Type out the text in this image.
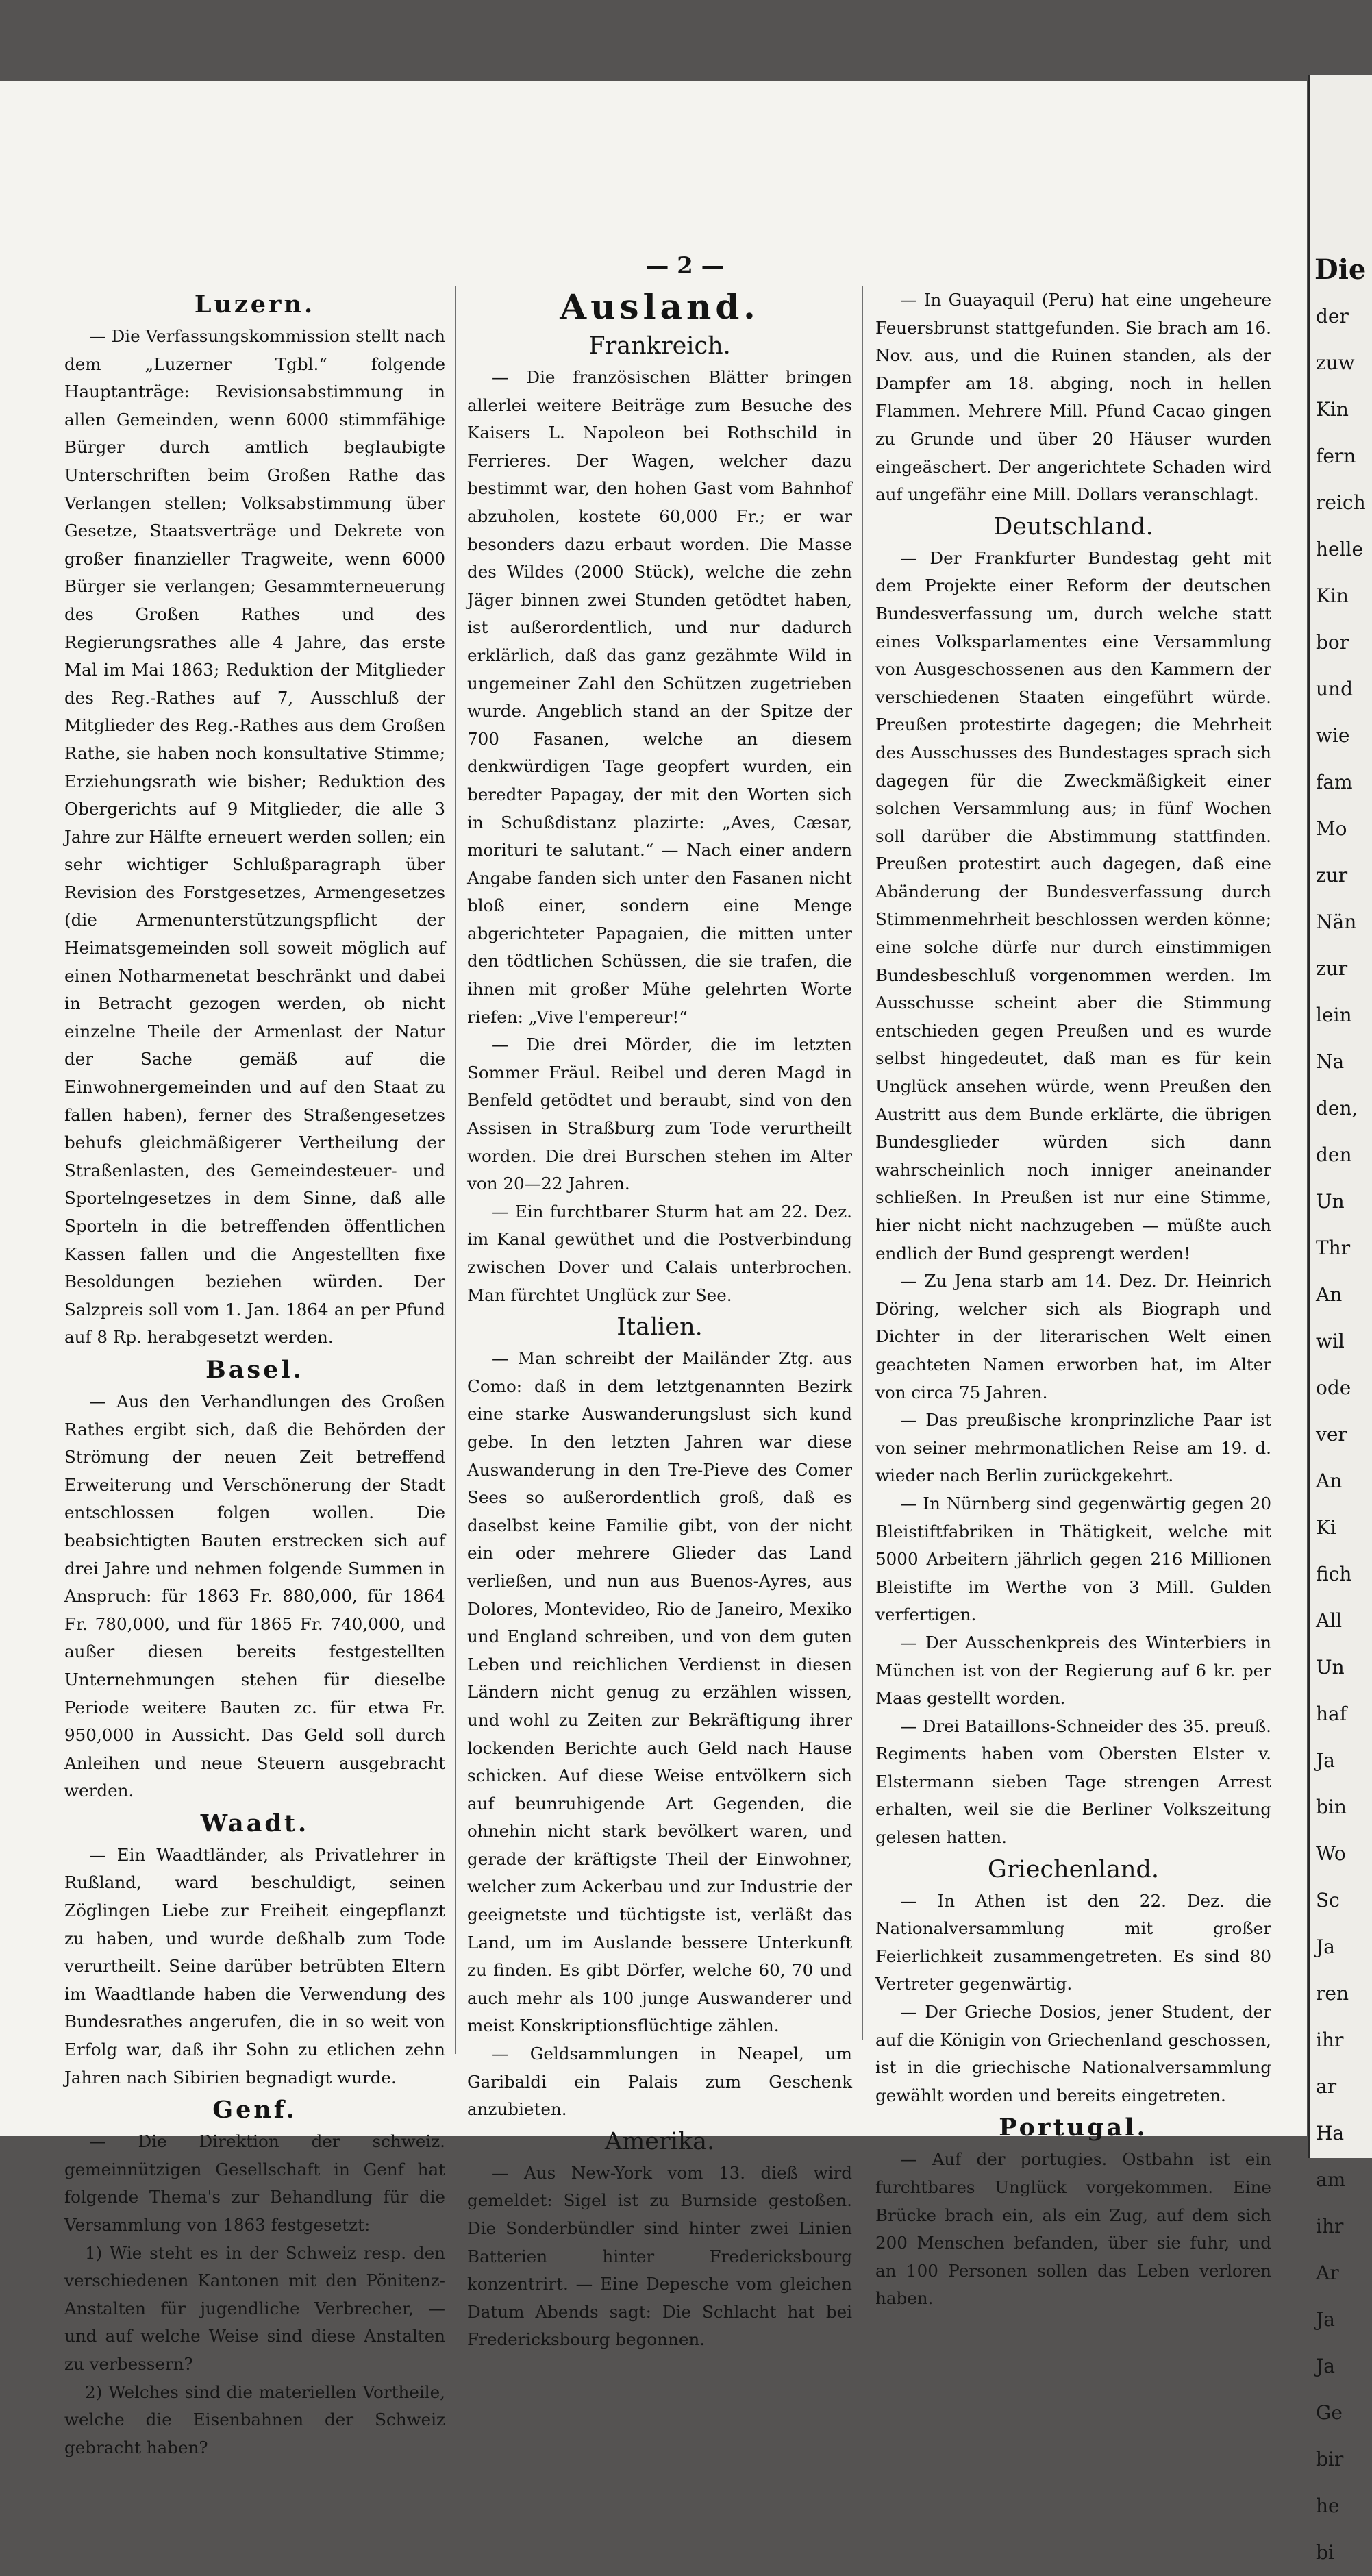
— 2 —
Luzern.

— Die Verfassungskommission stellt nach dem „Luzerner Tgbl.“ folgende Hauptanträge: Revisionsabstimmung in allen Gemeinden, wenn 6000 stimmfähige Bürger durch amtlich beglaubigte Unterschriften beim Großen Rathe das Verlangen stellen; Volksabstimmung über Gesetze, Staatsverträge und Dekrete von großer finanzieller Tragweite, wenn 6000 Bürger sie verlangen; Gesammterneuerung des Großen Rathes und des Regierungsrathes alle 4 Jahre, das erste Mal im Mai 1863; Reduktion der Mitglieder des Reg.-Rathes auf 7, Ausschluß der Mitglieder des Reg.-Rathes aus dem Großen Rathe, sie haben noch konsultative Stimme; Erziehungsrath wie bisher; Reduktion des Obergerichts auf 9 Mitglieder, die alle 3 Jahre zur Hälfte erneuert werden sollen; ein sehr wichtiger Schlußparagraph über Revision des Forstgesetzes, Armengesetzes (die Armenunterstützungspflicht der Heimatsgemeinden soll soweit möglich auf einen Notharmenetat beschränkt und dabei in Betracht gezogen werden, ob nicht einzelne Theile der Armenlast der Natur der Sache gemäß auf die Einwohnergemeinden und auf den Staat zu fallen haben), ferner des Straßengesetzes behufs gleichmäßigerer Vertheilung der Straßenlasten, des Gemeindesteuer- und Sportelngesetzes in dem Sinne, daß alle Sporteln in die betreffenden öffentlichen Kassen fallen und die Angestellten fixe Besoldungen beziehen würden. Der Salzpreis soll vom 1. Jan. 1864 an per Pfund auf 8 Rp. herabgesetzt werden.

Basel.

— Aus den Verhandlungen des Großen Rathes ergibt sich, daß die Behörden der Strömung der neuen Zeit betreffend Erweiterung und Verschönerung der Stadt entschlossen folgen wollen. Die beabsichtigten Bauten erstrecken sich auf drei Jahre und nehmen folgende Summen in Anspruch: für 1863 Fr. 880,000, für 1864 Fr. 780,000, und für 1865 Fr. 740,000, und außer diesen bereits festgestellten Unternehmungen stehen für dieselbe Periode weitere Bauten zc. für etwa Fr. 950,000 in Aussicht. Das Geld soll durch Anleihen und neue Steuern ausgebracht werden.

Waadt.

— Ein Waadtländer, als Privatlehrer in Rußland, ward beschuldigt, seinen Zöglingen Liebe zur Freiheit eingepflanzt zu haben, und wurde deßhalb zum Tode verurtheilt. Seine darüber betrübten Eltern im Waadtlande haben die Verwendung des Bundesrathes angerufen, die in so weit von Erfolg war, daß ihr Sohn zu etlichen zehn Jahren nach Sibirien begnadigt wurde.

Genf.

— Die Direktion der schweiz. gemeinnützigen Gesellschaft in Genf hat folgende Thema's zur Behandlung für die Versammlung von 1863 festgesetzt:

1) Wie steht es in der Schweiz resp. den verschiedenen Kantonen mit den Pönitenz-Anstalten für jugendliche Verbrecher, — und auf welche Weise sind diese Anstalten zu verbessern?

2) Welches sind die materiellen Vortheile, welche die Eisenbahnen der Schweiz gebracht haben?

Ausland.
Frankreich.

— Die französischen Blätter bringen allerlei weitere Beiträge zum Besuche des Kaisers L. Napoleon bei Rothschild in Ferrieres. Der Wagen, welcher dazu bestimmt war, den hohen Gast vom Bahnhof abzuholen, kostete 60,000 Fr.; er war besonders dazu erbaut worden. Die Masse des Wildes (2000 Stück), welche die zehn Jäger binnen zwei Stunden getödtet haben, ist außerordentlich, und nur dadurch erklärlich, daß das ganz gezähmte Wild in ungemeiner Zahl den Schützen zugetrieben wurde. Angeblich stand an der Spitze der 700 Fasanen, welche an diesem denkwürdigen Tage geopfert wurden, ein beredter Papagay, der mit den Worten sich in Schußdistanz plazirte: „Aves, Cæsar, morituri te salutant.“ — Nach einer andern Angabe fanden sich unter den Fasanen nicht bloß einer, sondern eine Menge abgerichteter Papagaien, die mitten unter den tödtlichen Schüssen, die sie trafen, die ihnen mit großer Mühe gelehrten Worte riefen: „Vive l'empereur!“

— Die drei Mörder, die im letzten Sommer Fräul. Reibel und deren Magd in Benfeld getödtet und beraubt, sind von den Assisen in Straßburg zum Tode verurtheilt worden. Die drei Burschen stehen im Alter von 20—22 Jahren.

— Ein furchtbarer Sturm hat am 22. Dez. im Kanal gewüthet und die Postverbindung zwischen Dover und Calais unterbrochen. Man fürchtet Unglück zur See.

Italien.

— Man schreibt der Mailänder Ztg. aus Como: daß in dem letztgenannten Bezirk eine starke Auswanderungslust sich kund gebe. In den letzten Jahren war diese Auswanderung in den Tre-Pieve des Comer Sees so außerordentlich groß, daß es daselbst keine Familie gibt, von der nicht ein oder mehrere Glieder das Land verließen, und nun aus Buenos-Ayres, aus Dolores, Montevideo, Rio de Janeiro, Mexiko und England schreiben, und von dem guten Leben und reichlichen Verdienst in diesen Ländern nicht genug zu erzählen wissen, und wohl zu Zeiten zur Bekräftigung ihrer lockenden Berichte auch Geld nach Hause schicken. Auf diese Weise entvölkern sich auf beunruhigende Art Gegenden, die ohnehin nicht stark bevölkert waren, und gerade der kräftigste Theil der Einwohner, welcher zum Ackerbau und zur Industrie der geeignetste und tüchtigste ist, verläßt das Land, um im Auslande bessere Unterkunft zu finden. Es gibt Dörfer, welche 60, 70 und auch mehr als 100 junge Auswanderer und meist Konskriptionsflüchtige zählen.

— Geldsammlungen in Neapel, um Garibaldi ein Palais zum Geschenk anzubieten.

Amerika.

— Aus New-York vom 13. dieß wird gemeldet: Sigel ist zu Burnside gestoßen. Die Sonderbündler sind hinter zwei Linien Batterien hinter Fredericksbourg konzentrirt. — Eine Depesche vom gleichen Datum Abends sagt: Die Schlacht hat bei Fredericksbourg begonnen.

— In Guayaquil (Peru) hat eine ungeheure Feuersbrunst stattgefunden. Sie brach am 16. Nov. aus, und die Ruinen standen, als der Dampfer am 18. abging, noch in hellen Flammen. Mehrere Mill. Pfund Cacao gingen zu Grunde und über 20 Häuser wurden eingeäschert. Der angerichtete Schaden wird auf ungefähr eine Mill. Dollars veranschlagt.

Deutschland.

— Der Frankfurter Bundestag geht mit dem Projekte einer Reform der deutschen Bundesverfassung um, durch welche statt eines Volksparlamentes eine Versammlung von Ausgeschossenen aus den Kammern der verschiedenen Staaten eingeführt würde. Preußen protestirte dagegen; die Mehrheit des Ausschusses des Bundestages sprach sich dagegen für die Zweckmäßigkeit einer solchen Versammlung aus; in fünf Wochen soll darüber die Abstimmung stattfinden. Preußen protestirt auch dagegen, daß eine Abänderung der Bundesverfassung durch Stimmenmehrheit beschlossen werden könne; eine solche dürfe nur durch einstimmigen Bundesbeschluß vorgenommen werden. Im Ausschusse scheint aber die Stimmung entschieden gegen Preußen und es wurde selbst hingedeutet, daß man es für kein Unglück ansehen würde, wenn Preußen den Austritt aus dem Bunde erklärte, die übrigen Bundesglieder würden sich dann wahrscheinlich noch inniger aneinander schließen. In Preußen ist nur eine Stimme, hier nicht nicht nachzugeben — müßte auch endlich der Bund gesprengt werden!

— Zu Jena starb am 14. Dez. Dr. Heinrich Döring, welcher sich als Biograph und Dichter in der literarischen Welt einen geachteten Namen erworben hat, im Alter von circa 75 Jahren.

— Das preußische kronprinzliche Paar ist von seiner mehrmonatlichen Reise am 19. d. wieder nach Berlin zurückgekehrt.

— In Nürnberg sind gegenwärtig gegen 20 Bleistiftfabriken in Thätigkeit, welche mit 5000 Arbeitern jährlich gegen 216 Millionen Bleistifte im Werthe von 3 Mill. Gulden verfertigen.

— Der Ausschenkpreis des Winterbiers in München ist von der Regierung auf 6 kr. per Maas gestellt worden.

— Drei Bataillons-Schneider des 35. preuß. Regiments haben vom Obersten Elster v. Elstermann sieben Tage strengen Arrest erhalten, weil sie die Berliner Volkszeitung gelesen hatten.

Griechenland.

— In Athen ist den 22. Dez. die Nationalversammlung mit großer Feierlichkeit zusammengetreten. Es sind 80 Vertreter gegenwärtig.

— Der Grieche Dosios, jener Student, der auf die Königin von Griechenland geschossen, ist in die griechische Nationalversammlung gewählt worden und bereits eingetreten.

Portugal.

— Auf der portugies. Ostbahn ist ein furchtbares Unglück vorgekommen. Eine Brücke brach ein, als ein Zug, auf dem sich 200 Menschen befanden, über sie fuhr, und an 100 Personen sollen das Leben verloren haben.

Die
der
zuw
Kin
fern
reich
helle
Kin
bor
und
wie
fam
Mo
zur
Nän
zur
lein
Na
den,
den
Un
Thr
An
wil
ode
ver
An
Ki
fich
All
Un
haf
Ja
bin
Wo
Sc
Ja
ren
ihr
ar
Ha
am
ihr
Ar
Ja
Ja
Ge
bir
he
bi
